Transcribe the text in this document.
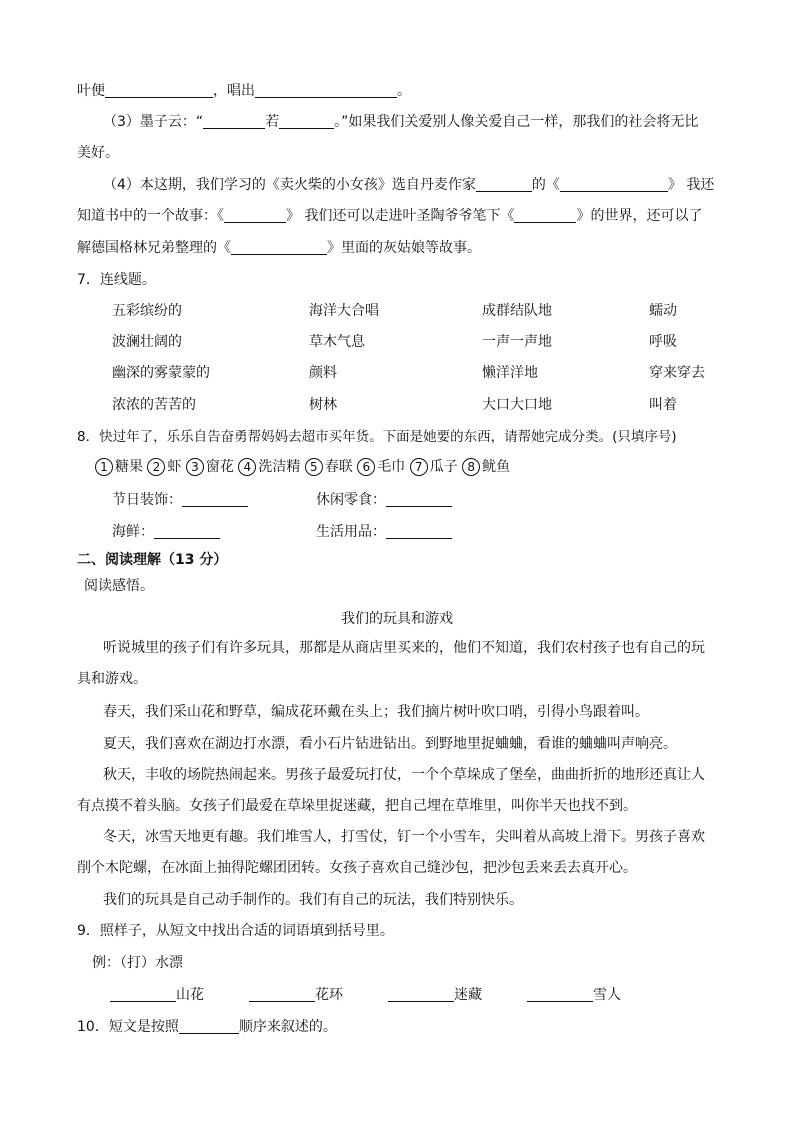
叶便	，唱出	。
（3）墨子云：“	若	。”如果我们关爱别人像关爱自己一样，那我们的社会将无比
美好。
（4）本这期，我们学习的《卖火柴的小女孩》选自丹麦作家	的《	》 我还
知道书中的一个故事：《	》 我们还可以走进叶圣陶爷爷笔下《	》的世界，还可以了
解德国格林兄弟整理的《	》里面的灰姑娘等故事。
7．连线题。
五彩缤纷的	海洋大合唱	成群结队地	蠕动
波澜壮阔的	草木气息	一声一声地	呼吸
幽深的雾蒙蒙的	颜料	懒洋洋地	穿来穿去
浓浓的苦苦的	树林	大口大口地	叫着
8．快过年了，乐乐自告奋勇帮妈妈去超市买年货。下面是她要的东西，请帮她完成分类。(只填序号)
1 糖果 2 虾 3 窗花 4 洗洁精 5 春联 6 毛巾 7 瓜子 8 鱿鱼
节日装饰：	休闲零食：
海鲜：	生活用品：
二、阅读理解（13 分）
阅读感悟。
我们的玩具和游戏
听说城里的孩子们有许多玩具，那都是从商店里买来的，他们不知道，我们农村孩子也有自己的玩
具和游戏。
春天，我们采山花和野草，编成花环戴在头上；我们摘片树叶吹口哨，引得小鸟跟着叫。
夏天，我们喜欢在湖边打水漂，看小石片钻进钻出。到野地里捉蛐蛐，看谁的蛐蛐叫声响亮。
秋天，丰收的场院热闹起来。男孩子最爱玩打仗，一个个草垛成了堡垒，曲曲折折的地形还真让人
有点摸不着头脑。女孩子们最爱在草垛里捉迷藏，把自己埋在草堆里，叫你半天也找不到。
冬天，冰雪天地更有趣。我们堆雪人，打雪仗，钉一个小雪车，尖叫着从高坡上滑下。男孩子喜欢
削个木陀螺，在冰面上抽得陀螺团团转。女孩子喜欢自己缝沙包，把沙包丢来丢去真开心。
我们的玩具是自己动手制作的。我们有自己的玩法，我们特别快乐。
9．照样子，从短文中找出合适的词语填到括号里。
例：（打）水漂
山花	花环	迷藏	雪人
10．短文是按照	顺序来叙述的。
